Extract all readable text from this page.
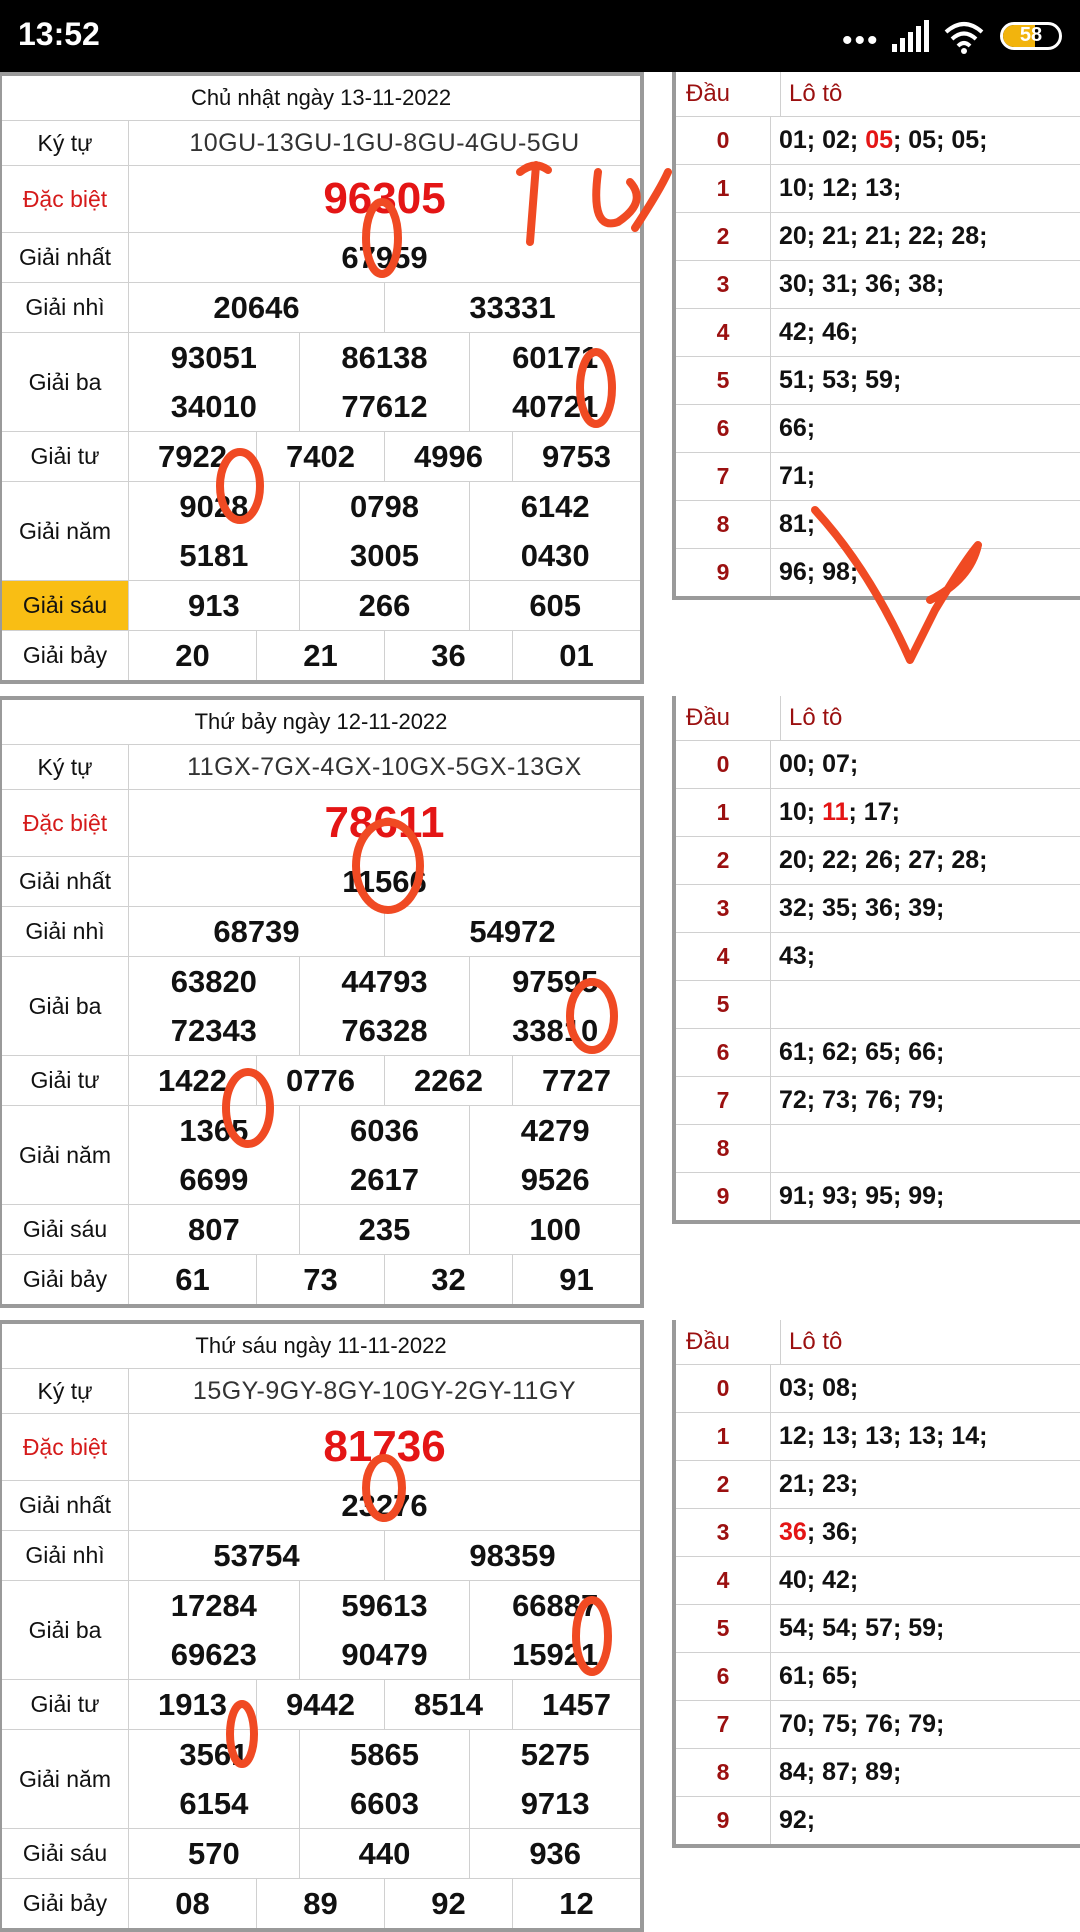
13:52	•••	58
Chủ nhật ngày 13-11-2022
Ký tự	10GU-13GU-1GU-8GU-4GU-5GU
Đặc biệt	96305
Giải nhất	67959
Giải nhì	20646	33331
Giải ba
93051	86138	60171
34010	77612	40721
Giải tư	7922	7402	4996	9753
Giải năm
9028	0798	6142
5181	3005	0430
Giải sáu	913	266	605
Giải bảy	20	21	36	01
Đầu	Lô tô
0	01; 02; 05 ; 05; 05;
1	10; 12; 13;
2	20; 21; 21; 22; 28;
3	30; 31; 36; 38;
4	42; 46;
5	51; 53; 59;
6	66;
7	71;
8	81;
9	96; 98;
Thứ bảy ngày 12-11-2022
Ký tự	11GX-7GX-4GX-10GX-5GX-13GX
Đặc biệt	78611
Giải nhất	11566
Giải nhì	68739	54972
Giải ba
63820	44793	97595
72343	76328	33810
Giải tư	1422	0776	2262	7727
Giải năm
1365	6036	4279
6699	2617	9526
Giải sáu	807	235	100
Giải bảy	61	73	32	91
Đầu	Lô tô
0	00; 07;
1	10; 11 ; 17;
2	20; 22; 26; 27; 28;
3	32; 35; 36; 39;
4	43;
5
6	61; 62; 65; 66;
7	72; 73; 76; 79;
8
9	91; 93; 95; 99;
Thứ sáu ngày 11-11-2022
Ký tự	15GY-9GY-8GY-10GY-2GY-11GY
Đặc biệt	81736
Giải nhất	23276
Giải nhì	53754	98359
Giải ba
17284	59613	66887
69623	90479	15921
Giải tư	1913	9442	8514	1457
Giải năm
3561	5865	5275
6154	6603	9713
Giải sáu	570	440	936
Giải bảy	08	89	92	12
Đầu	Lô tô
0	03; 08;
1	12; 13; 13; 13; 14;
2	21; 23;
3	36 ; 36;
4	40; 42;
5	54; 54; 57; 59;
6	61; 65;
7	70; 75; 76; 79;
8	84; 87; 89;
9	92;
